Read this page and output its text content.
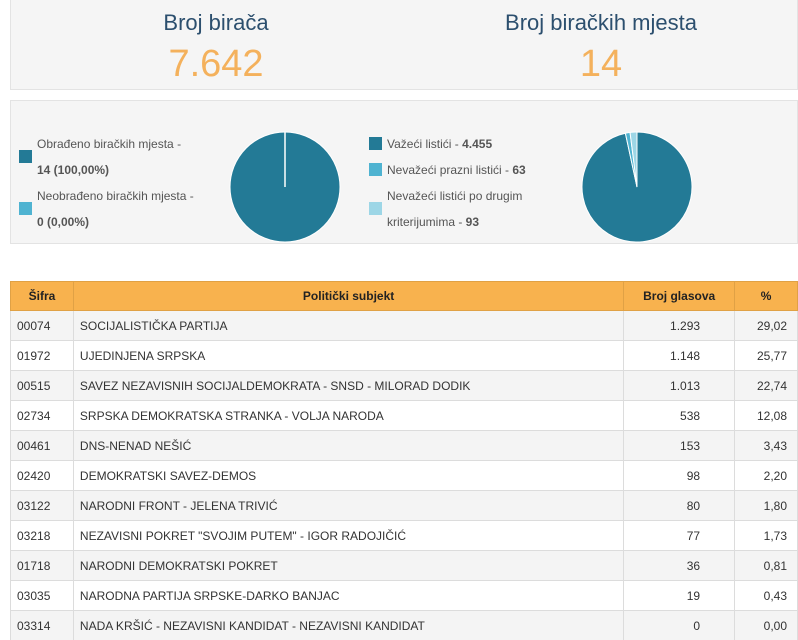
Broj birača
7.642
Broj biračkih mjesta
14
Obrađeno biračkih mjesta -
14 (100,00%)
Neobrađeno biračkih mjesta -
0 (0,00%)
Važeći listići - 4.455
Nevažeći prazni listići - 63
Nevažeći listići po drugim kriterijumima - 93
Šifra	Politički subjekt	Broj glasova	%
00074	SOCIJALISTIČKA PARTIJA	1.293	29,02
01972	UJEDINJENA SRPSKA	1.148	25,77
00515	SAVEZ NEZAVISNIH SOCIJALDEMOKRATA - SNSD - MILORAD DODIK	1.013	22,74
02734	SRPSKA DEMOKRATSKA STRANKA - VOLJA NARODA	538	12,08
00461	DNS-NENAD NEŠIĆ	153	3,43
02420	DEMOKRATSKI SAVEZ-DEMOS	98	2,20
03122	NARODNI FRONT - JELENA TRIVIĆ	80	1,80
03218	NEZAVISNI POKRET "SVOJIM PUTEM" - IGOR RADOJIČIĆ	77	1,73
01718	NARODNI DEMOKRATSKI POKRET	36	0,81
03035	NARODNA PARTIJA SRPSKE-DARKO BANJAC	19	0,43
03314	NADA KRŠIĆ - NEZAVISNI KANDIDAT - NEZAVISNI KANDIDAT	0	0,00
